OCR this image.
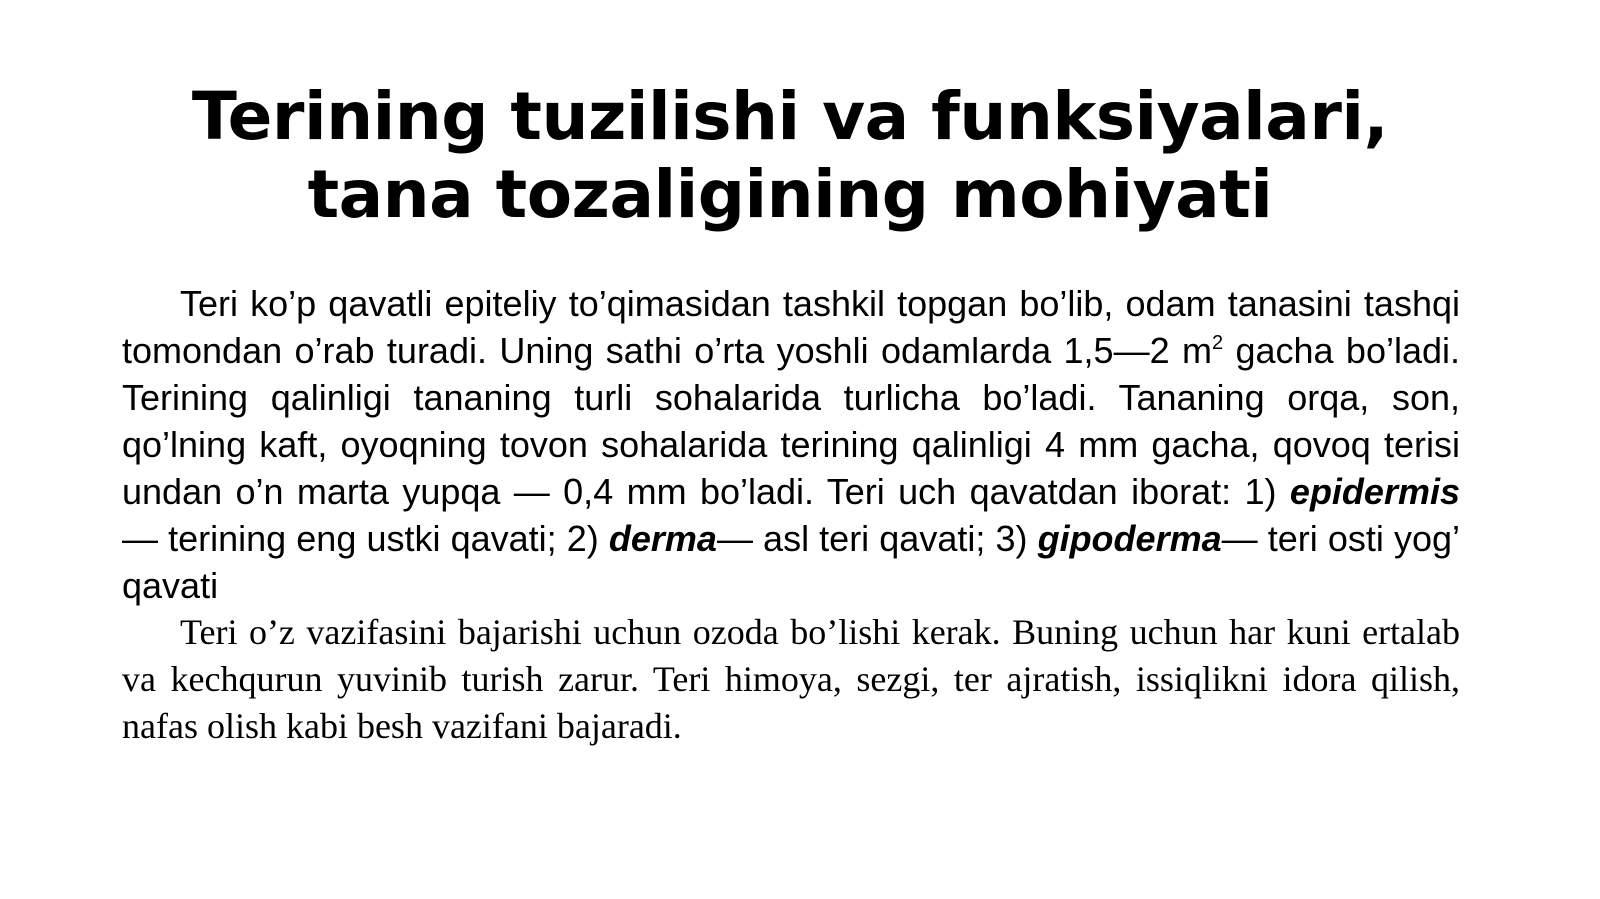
Terining tuzilishi va funksiyalari,
tana tozaligining mohiyati

Teri ko’p qavatli epiteliy to’qimasidan tashkil topgan bo’lib, odam tanasini tashqi tomondan o’rab turadi. Uning sathi o’rta yoshli odamlarda 1,5—2 $m^2$ gacha bo’ladi. Terining qalinligi tananing turli sohalarida turlicha bo’ladi. Tananing orqa, son, qo’lning kaft, oyoqning tovon sohalarida terining qalinligi 4 mm gacha, qovoq terisi undan o’n marta yupqa — 0,4 mm bo’ladi. Teri uch qavatdan iborat: 1) epidermis — terining eng ustki qavati; 2) derma— asl teri qavati; 3) gipoderma— teri osti yog’ qavati

Teri o’z vazifasini bajarishi uchun ozoda bo’lishi kerak. Buning uchun har kuni ertalab va kechqurun yuvinib turish zarur. Teri himoya, sezgi, ter ajratish, issiqlikni idora qilish, nafas olish kabi besh vazifani bajaradi.
